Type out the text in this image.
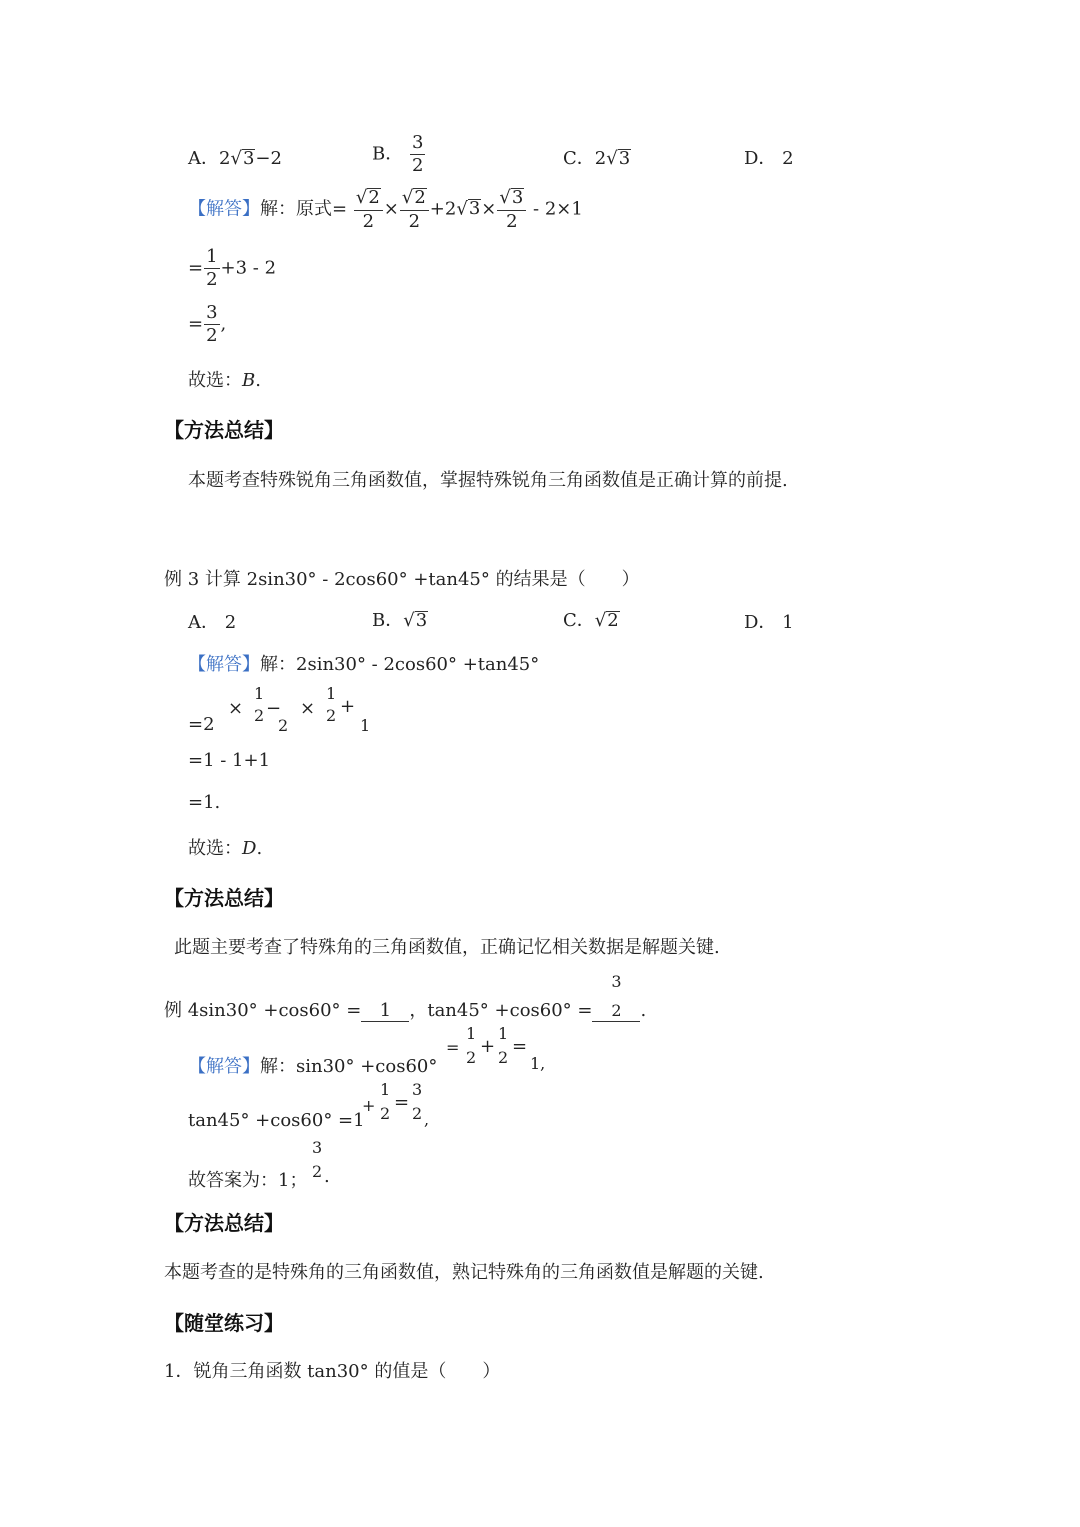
A．2√3−2	B． $\frac{3}{2}$	C．2√3	D． 2
【解答】解：原式= $\frac{√2}{2} \times \frac{√2}{2} +2√3\times \frac{√3}{2} - 2\times 1$
= $\frac{1}{2} +3 - 2$
= $\frac{3}{2}$ ,
故选：B.
【方法总结】
本题考查特殊锐角三角函数值，掌握特殊锐角三角函数值是正确计算的前提.
例 3 计算 2sin30° - 2cos60° +tan45° 的结果是（　　）
A． 2	B．√3	C．√2	D． 1
【解答】解：2sin30° - 2cos60° +tan45°
=2
×
1
2 −
2
×
1
2 +
1
=1 - 1+1
=1.
故选：D.
【方法总结】
此题主要考查了特殊角的三角函数值，正确记忆相关数据是解题关键.
例 4sin30° +cos60° = 1 ，tan45° +cos60° =
3
2 .
【解答】解：sin30° +cos60°
=
1
2
+
1
2
=
1,
tan45° +cos60° =1
+
1
2
=
3
2 ,
故答案为：1；
3
2 .
【方法总结】
本题考查的是特殊角的三角函数值，熟记特殊角的三角函数值是解题的关键.
【随堂练习】
1．锐角三角函数 tan30° 的值是（　　）
